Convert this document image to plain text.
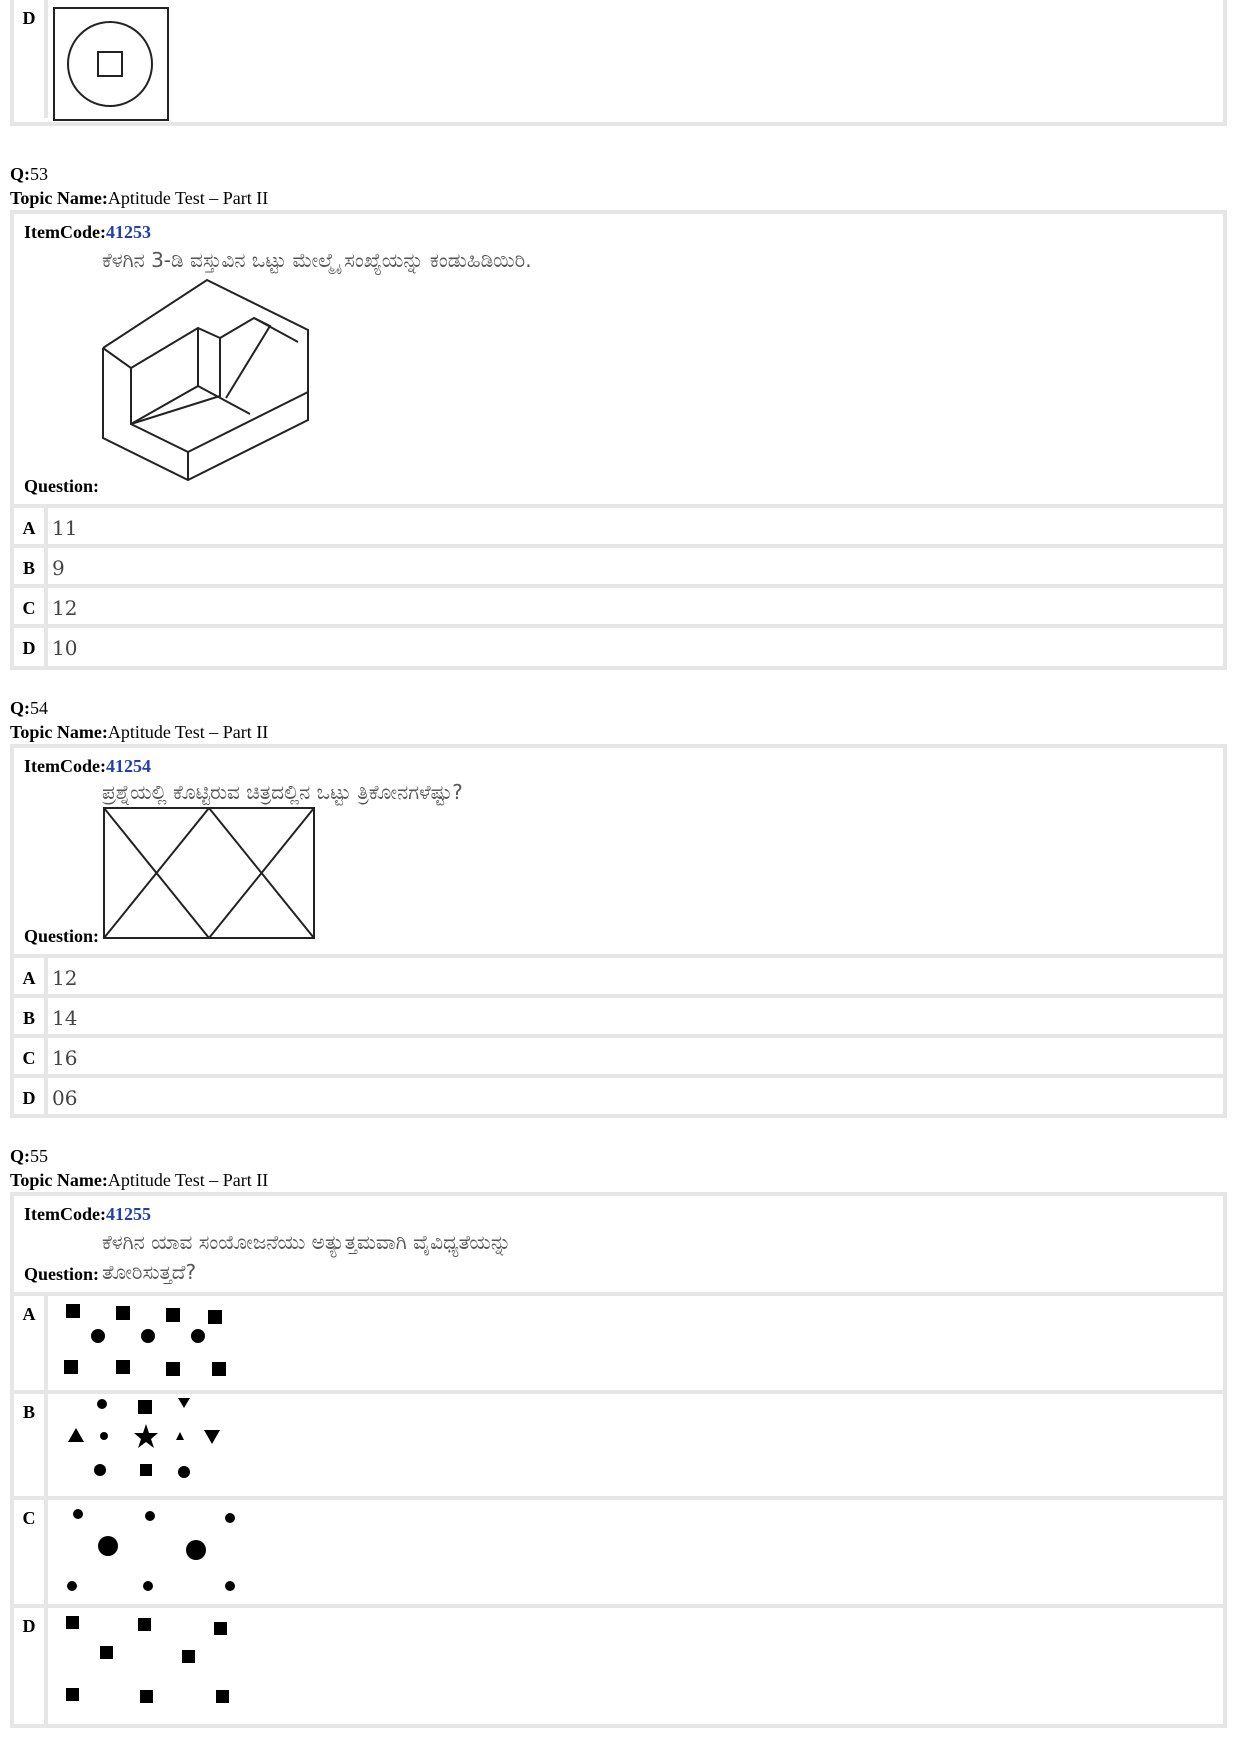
D
Q:53
Topic Name:Aptitude Test – Part II
ItemCode:41253
ಕೆಳಗಿನ 3-ಡಿ ವಸ್ತುವಿನ ಒಟ್ಟು ಮೇಲ್ಮೈ ಸಂಖ್ಯೆಯನ್ನು ಕಂಡುಹಿಡಿಯಿರಿ.
Question:
A 11
B 9
C 12
D 10
Q:54
Topic Name:Aptitude Test – Part II
ItemCode:41254
ಪ್ರಶ್ನೆಯಲ್ಲಿ ಕೊಟ್ಟಿರುವ ಚಿತ್ರದಲ್ಲಿನ ಒಟ್ಟು ತ್ರಿಕೋನಗಳೆಷ್ಟು?
Question:
A 12
B 14
C 16
D 06
Q:55
Topic Name:Aptitude Test – Part II
ItemCode:41255
ಕೆಳಗಿನ ಯಾವ ಸಂಯೋಜನೆಯು ಅತ್ಯುತ್ತಮವಾಗಿ ವೈವಿಧ್ಯತೆಯನ್ನು
Question: ತೋರಿಸುತ್ತದೆ?
A
B
C
D
